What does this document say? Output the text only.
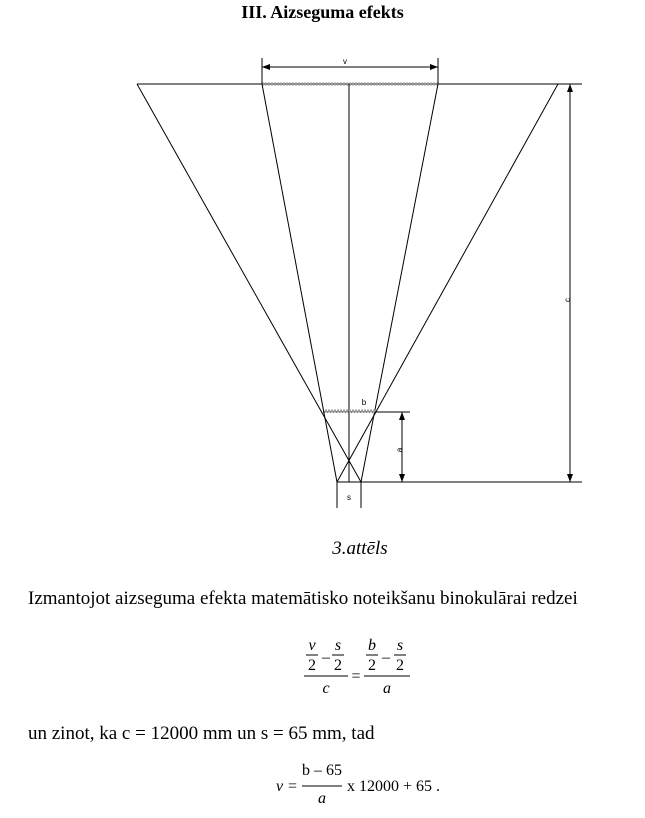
III. Aizseguma efekts
v
b
s
a
c
3.attēls
Izmantojot aizseguma efekta matemātisko noteikšanu binokulārai redzei
v
2 –
s
2
c
=
b
2 –
s
2
a
un zinot, ka c = 12000 mm un s = 65 mm, tad
v =
b – 65
a
x 12000 + 65 .
